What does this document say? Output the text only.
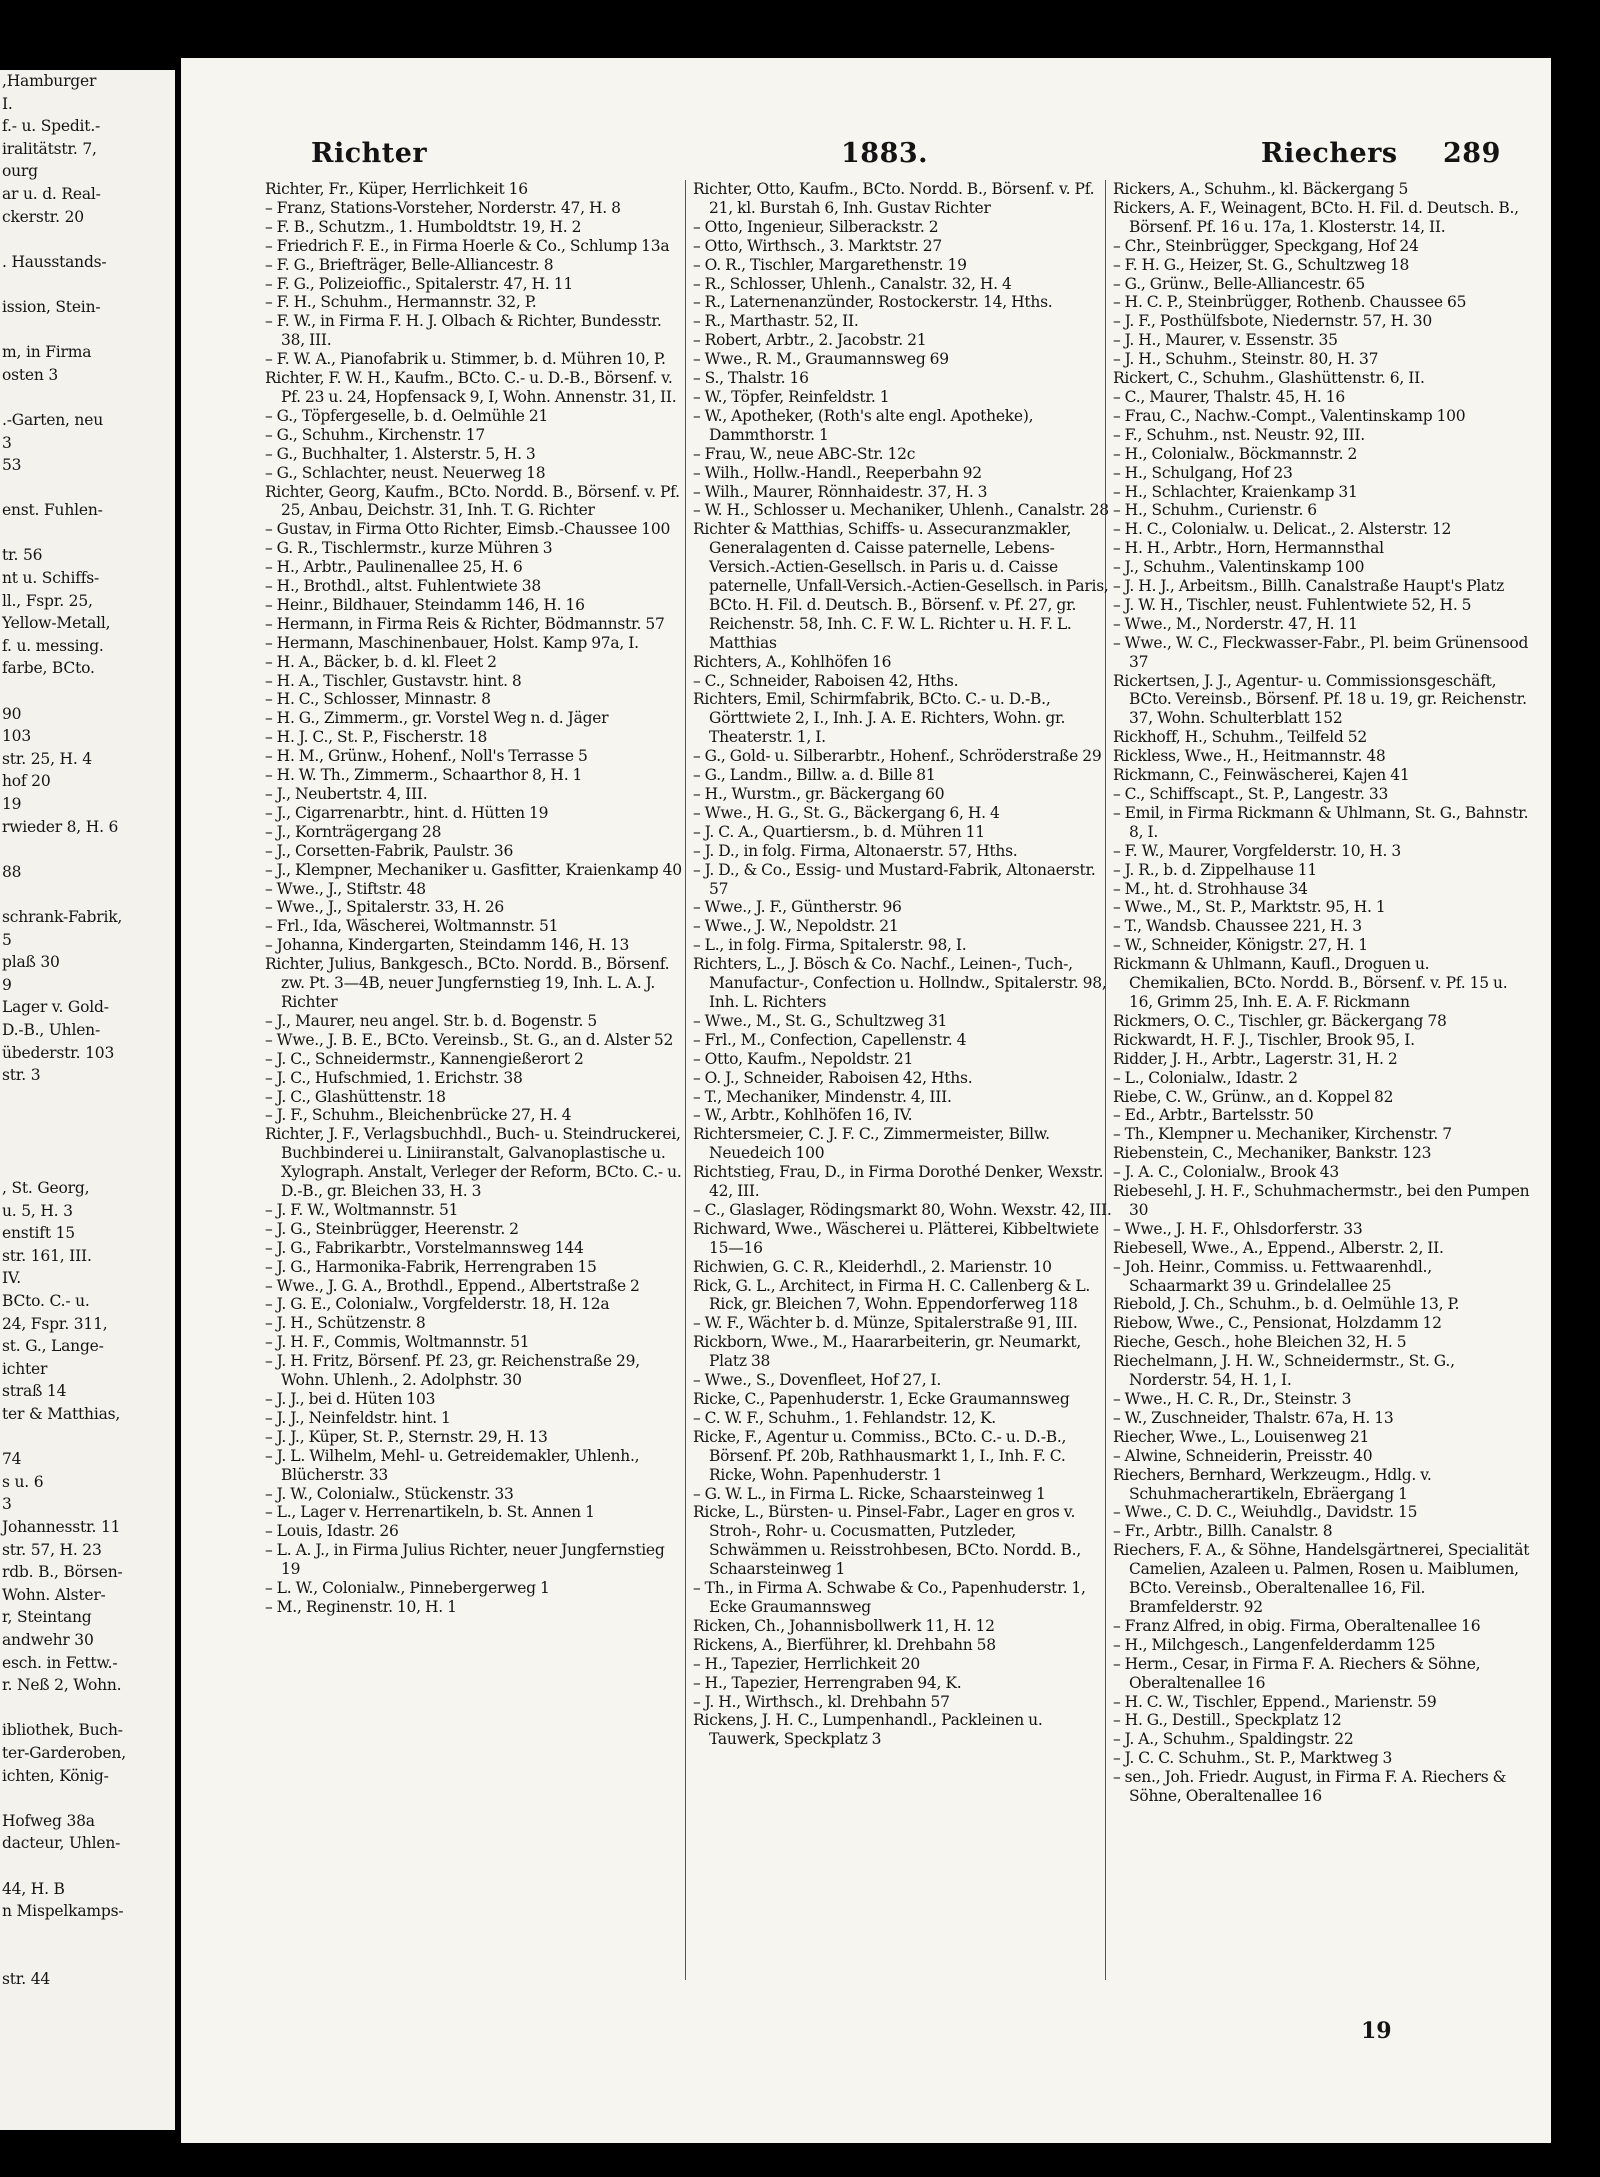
,Hamburger
I.
f.- u. Spedit.-
iralitätstr. 7,
ourg
ar u. d. Real-
ckerstr. 20

. Hausstands-

ission, Stein-

m, in Firma
osten 3

.-Garten, neu
3
53

enst. Fuhlen-

tr. 56
nt u. Schiffs-
ll., Fspr. 25,
Yellow-Metall,
f. u. messing.
farbe, BCto.

90
103
str. 25, H. 4
hof 20
19
rwieder 8, H. 6

88

schrank-Fabrik,
5
plaß 30
9
Lager v. Gold-
D.-B., Uhlen-
übederstr. 103
str. 3

, St. Georg,
u. 5, H. 3
enstift 15
str. 161, III.
IV.
BCto. C.- u.
24, Fspr. 311,
st. G., Lange-
ichter
straß 14
ter & Matthias,

74
s u. 6
3
Johannesstr. 11
str. 57, H. 23
rdb. B., Börsen-
Wohn. Alster-
r, Steintang
andwehr 30
esch. in Fettw.-
r. Neß 2, Wohn.

ibliothek, Buch-
ter-Garderoben,
ichten, König-

Hofweg 38a
dacteur, Uhlen-

44, H. B
n Mispelkamps-

str. 44
Richter	1883.	Riechers 289
Richter, Fr., Küper, Herrlichkeit 16
– Franz, Stations-Vorsteher, Norderstr. 47, H. 8
– F. B., Schutzm., 1. Humboldtstr. 19, H. 2
– Friedrich F. E., in Firma Hoerle & Co., Schlump 13a
– F. G., Briefträger, Belle-Alliancestr. 8
– F. G., Polizeioffic., Spitalerstr. 47, H. 11
– F. H., Schuhm., Hermannstr. 32, P.
– F. W., in Firma F. H. J. Olbach & Richter, Bundesstr. 38, III.
– F. W. A., Pianofabrik u. Stimmer, b. d. Mühren 10, P.
Richter, F. W. H., Kaufm., BCto. C.- u. D.-B., Börsenf. v. Pf. 23 u. 24, Hopfensack 9, I, Wohn. Annenstr. 31, II.
– G., Töpfergeselle, b. d. Oelmühle 21
– G., Schuhm., Kirchenstr. 17
– G., Buchhalter, 1. Alsterstr. 5, H. 3
– G., Schlachter, neust. Neuerweg 18
Richter, Georg, Kaufm., BCto. Nordd. B., Börsenf. v. Pf. 25, Anbau, Deichstr. 31, Inh. T. G. Richter
– Gustav, in Firma Otto Richter, Eimsb.-Chaussee 100
– G. R., Tischlermstr., kurze Mühren 3
– H., Arbtr., Paulinenallee 25, H. 6
– H., Brothdl., altst. Fuhlentwiete 38
– Heinr., Bildhauer, Steindamm 146, H. 16
– Hermann, in Firma Reis & Richter, Bödmannstr. 57
– Hermann, Maschinenbauer, Holst. Kamp 97a, I.
– H. A., Bäcker, b. d. kl. Fleet 2
– H. A., Tischler, Gustavstr. hint. 8
– H. C., Schlosser, Minnastr. 8
– H. G., Zimmerm., gr. Vorstel Weg n. d. Jäger
– H. J. C., St. P., Fischerstr. 18
– H. M., Grünw., Hohenf., Noll's Terrasse 5
– H. W. Th., Zimmerm., Schaarthor 8, H. 1
– J., Neubertstr. 4, III.
– J., Cigarrenarbtr., hint. d. Hütten 19
– J., Kornträgergang 28
– J., Corsetten-Fabrik, Paulstr. 36
– J., Klempner, Mechaniker u. Gasfitter, Kraienkamp 40
– Wwe., J., Stiftstr. 48
– Wwe., J., Spitalerstr. 33, H. 26
– Frl., Ida, Wäscherei, Woltmannstr. 51
– Johanna, Kindergarten, Steindamm 146, H. 13
Richter, Julius, Bankgesch., BCto. Nordd. B., Börsenf. zw. Pt. 3—4B, neuer Jungfernstieg 19, Inh. L. A. J. Richter
– J., Maurer, neu angel. Str. b. d. Bogenstr. 5
– Wwe., J. B. E., BCto. Vereinsb., St. G., an d. Alster 52
– J. C., Schneidermstr., Kannengießerort 2
– J. C., Hufschmied, 1. Erichstr. 38
– J. C., Glashüttenstr. 18
– J. F., Schuhm., Bleichenbrücke 27, H. 4
Richter, J. F., Verlagsbuchhdl., Buch- u. Steindruckerei, Buchbinderei u. Liniiranstalt, Galvanoplastische u. Xylograph. Anstalt, Verleger der Reform, BCto. C.- u. D.-B., gr. Bleichen 33, H. 3
– J. F. W., Woltmannstr. 51
– J. G., Steinbrügger, Heerenstr. 2
– J. G., Fabrikarbtr., Vorstelmannsweg 144
– J. G., Harmonika-Fabrik, Herrengraben 15
– Wwe., J. G. A., Brothdl., Eppend., Albertstraße 2
– J. G. E., Colonialw., Vorgfelderstr. 18, H. 12a
– J. H., Schützenstr. 8
– J. H. F., Commis, Woltmannstr. 51
– J. H. Fritz, Börsenf. Pf. 23, gr. Reichenstraße 29, Wohn. Uhlenh., 2. Adolphstr. 30
– J. J., bei d. Hüten 103
– J. J., Neinfeldstr. hint. 1
– J. J., Küper, St. P., Sternstr. 29, H. 13
– J. L. Wilhelm, Mehl- u. Getreidemakler, Uhlenh., Blücherstr. 33
– J. W., Colonialw., Stückenstr. 33
– L., Lager v. Herrenartikeln, b. St. Annen 1
– Louis, Idastr. 26
– L. A. J., in Firma Julius Richter, neuer Jungfernstieg 19
– L. W., Colonialw., Pinnebergerweg 1
– M., Reginenstr. 10, H. 1
Richter, Otto, Kaufm., BCto. Nordd. B., Börsenf. v. Pf. 21, kl. Burstah 6, Inh. Gustav Richter
– Otto, Ingenieur, Silberackstr. 2
– Otto, Wirthsch., 3. Marktstr. 27
– O. R., Tischler, Margarethenstr. 19
– R., Schlosser, Uhlenh., Canalstr. 32, H. 4
– R., Laternenanzünder, Rostockerstr. 14, Hths.
– R., Marthastr. 52, II.
– Robert, Arbtr., 2. Jacobstr. 21
– Wwe., R. M., Graumannsweg 69
– S., Thalstr. 16
– W., Töpfer, Reinfeldstr. 1
– W., Apotheker, (Roth's alte engl. Apotheke), Dammthorstr. 1
– Frau, W., neue ABC-Str. 12c
– Wilh., Hollw.-Handl., Reeperbahn 92
– Wilh., Maurer, Rönnhaidestr. 37, H. 3
– W. H., Schlosser u. Mechaniker, Uhlenh., Canalstr. 28
Richter & Matthias, Schiffs- u. Assecuranzmakler, Generalagenten d. Caisse paternelle, Lebens-Versich.-Actien-Gesellsch. in Paris u. d. Caisse paternelle, Unfall-Versich.-Actien-Gesellsch. in Paris, BCto. H. Fil. d. Deutsch. B., Börsenf. v. Pf. 27, gr. Reichenstr. 58, Inh. C. F. W. L. Richter u. H. F. L. Matthias
Richters, A., Kohlhöfen 16
– C., Schneider, Raboisen 42, Hths.
Richters, Emil, Schirmfabrik, BCto. C.- u. D.-B., Görttwiete 2, I., Inh. J. A. E. Richters, Wohn. gr. Theaterstr. 1, I.
– G., Gold- u. Silberarbtr., Hohenf., Schröderstraße 29
– G., Landm., Billw. a. d. Bille 81
– H., Wurstm., gr. Bäckergang 60
– Wwe., H. G., St. G., Bäckergang 6, H. 4
– J. C. A., Quartiersm., b. d. Mühren 11
– J. D., in folg. Firma, Altonaerstr. 57, Hths.
– J. D., & Co., Essig- und Mustard-Fabrik, Altonaerstr. 57
– Wwe., J. F., Güntherstr. 96
– Wwe., J. W., Nepoldstr. 21
– L., in folg. Firma, Spitalerstr. 98, I.
Richters, L., J. Bösch & Co. Nachf., Leinen-, Tuch-, Manufactur-, Confection u. Hollndw., Spitalerstr. 98, Inh. L. Richters
– Wwe., M., St. G., Schultzweg 31
– Frl., M., Confection, Capellenstr. 4
– Otto, Kaufm., Nepoldstr. 21
– O. J., Schneider, Raboisen 42, Hths.
– T., Mechaniker, Mindenstr. 4, III.
– W., Arbtr., Kohlhöfen 16, IV.
Richtersmeier, C. J. F. C., Zimmermeister, Billw. Neuedeich 100
Richtstieg, Frau, D., in Firma Dorothé Denker, Wexstr. 42, III.
– C., Glaslager, Rödingsmarkt 80, Wohn. Wexstr. 42, III.
Richward, Wwe., Wäscherei u. Plätterei, Kibbeltwiete 15—16
Richwien, G. C. R., Kleiderhdl., 2. Marienstr. 10
Rick, G. L., Architect, in Firma H. C. Callenberg & L. Rick, gr. Bleichen 7, Wohn. Eppendorferweg 118
– W. F., Wächter b. d. Münze, Spitalerstraße 91, III.
Rickborn, Wwe., M., Haararbeiterin, gr. Neumarkt, Platz 38
– Wwe., S., Dovenfleet, Hof 27, I.
Ricke, C., Papenhuderstr. 1, Ecke Graumannsweg
– C. W. F., Schuhm., 1. Fehlandstr. 12, K.
Ricke, F., Agentur u. Commiss., BCto. C.- u. D.-B., Börsenf. Pf. 20b, Rathhausmarkt 1, I., Inh. F. C. Ricke, Wohn. Papenhuderstr. 1
– G. W. L., in Firma L. Ricke, Schaarsteinweg 1
Ricke, L., Bürsten- u. Pinsel-Fabr., Lager en gros v. Stroh-, Rohr- u. Cocusmatten, Putzleder, Schwämmen u. Reisstrohbesen, BCto. Nordd. B., Schaarsteinweg 1
– Th., in Firma A. Schwabe & Co., Papenhuderstr. 1, Ecke Graumannsweg
Ricken, Ch., Johannisbollwerk 11, H. 12
Rickens, A., Bierführer, kl. Drehbahn 58
– H., Tapezier, Herrlichkeit 20
– H., Tapezier, Herrengraben 94, K.
– J. H., Wirthsch., kl. Drehbahn 57
Rickens, J. H. C., Lumpenhandl., Packleinen u. Tauwerk, Speckplatz 3
Rickers, A., Schuhm., kl. Bäckergang 5
Rickers, A. F., Weinagent, BCto. H. Fil. d. Deutsch. B., Börsenf. Pf. 16 u. 17a, 1. Klosterstr. 14, II.
– Chr., Steinbrügger, Speckgang, Hof 24
– F. H. G., Heizer, St. G., Schultzweg 18
– G., Grünw., Belle-Alliancestr. 65
– H. C. P., Steinbrügger, Rothenb. Chaussee 65
– J. F., Posthülfsbote, Niedernstr. 57, H. 30
– J. H., Maurer, v. Essenstr. 35
– J. H., Schuhm., Steinstr. 80, H. 37
Rickert, C., Schuhm., Glashüttenstr. 6, II.
– C., Maurer, Thalstr. 45, H. 16
– Frau, C., Nachw.-Compt., Valentinskamp 100
– F., Schuhm., nst. Neustr. 92, III.
– H., Colonialw., Böckmannstr. 2
– H., Schulgang, Hof 23
– H., Schlachter, Kraienkamp 31
– H., Schuhm., Curienstr. 6
– H. C., Colonialw. u. Delicat., 2. Alsterstr. 12
– H. H., Arbtr., Horn, Hermannsthal
– J., Schuhm., Valentinskamp 100
– J. H. J., Arbeitsm., Billh. Canalstraße Haupt's Platz
– J. W. H., Tischler, neust. Fuhlentwiete 52, H. 5
– Wwe., M., Norderstr. 47, H. 11
– Wwe., W. C., Fleckwasser-Fabr., Pl. beim Grünensood 37
Rickertsen, J. J., Agentur- u. Commissionsgeschäft, BCto. Vereinsb., Börsenf. Pf. 18 u. 19, gr. Reichenstr. 37, Wohn. Schulterblatt 152
Rickhoff, H., Schuhm., Teilfeld 52
Rickless, Wwe., H., Heitmannstr. 48
Rickmann, C., Feinwäscherei, Kajen 41
– C., Schiffscapt., St. P., Langestr. 33
– Emil, in Firma Rickmann & Uhlmann, St. G., Bahnstr. 8, I.
– F. W., Maurer, Vorgfelderstr. 10, H. 3
– J. R., b. d. Zippelhause 11
– M., ht. d. Strohhause 34
– Wwe., M., St. P., Marktstr. 95, H. 1
– T., Wandsb. Chaussee 221, H. 3
– W., Schneider, Königstr. 27, H. 1
Rickmann & Uhlmann, Kaufl., Droguen u. Chemikalien, BCto. Nordd. B., Börsenf. v. Pf. 15 u. 16, Grimm 25, Inh. E. A. F. Rickmann
Rickmers, O. C., Tischler, gr. Bäckergang 78
Rickwardt, H. F. J., Tischler, Brook 95, I.
Ridder, J. H., Arbtr., Lagerstr. 31, H. 2
– L., Colonialw., Idastr. 2
Riebe, C. W., Grünw., an d. Koppel 82
– Ed., Arbtr., Bartelsstr. 50
– Th., Klempner u. Mechaniker, Kirchenstr. 7
Riebenstein, C., Mechaniker, Bankstr. 123
– J. A. C., Colonialw., Brook 43
Riebesehl, J. H. F., Schuhmachermstr., bei den Pumpen 30
– Wwe., J. H. F., Ohlsdorferstr. 33
Riebesell, Wwe., A., Eppend., Alberstr. 2, II.
– Joh. Heinr., Commiss. u. Fettwaarenhdl., Schaarmarkt 39 u. Grindelallee 25
Riebold, J. Ch., Schuhm., b. d. Oelmühle 13, P.
Riebow, Wwe., C., Pensionat, Holzdamm 12
Rieche, Gesch., hohe Bleichen 32, H. 5
Riechelmann, J. H. W., Schneidermstr., St. G., Norderstr. 54, H. 1, I.
– Wwe., H. C. R., Dr., Steinstr. 3
– W., Zuschneider, Thalstr. 67a, H. 13
Riecher, Wwe., L., Louisenweg 21
– Alwine, Schneiderin, Preisstr. 40
Riechers, Bernhard, Werkzeugm., Hdlg. v. Schuhmacherartikeln, Ebräergang 1
– Wwe., C. D. C., Weiuhdlg., Davidstr. 15
– Fr., Arbtr., Billh. Canalstr. 8
Riechers, F. A., & Söhne, Handelsgärtnerei, Specialität Camelien, Azaleen u. Palmen, Rosen u. Maiblumen, BCto. Vereinsb., Oberaltenallee 16, Fil. Bramfelderstr. 92
– Franz Alfred, in obig. Firma, Oberaltenallee 16
– H., Milchgesch., Langenfelderdamm 125
– Herm., Cesar, in Firma F. A. Riechers & Söhne, Oberaltenallee 16
– H. C. W., Tischler, Eppend., Marienstr. 59
– H. G., Destill., Speckplatz 12
– J. A., Schuhm., Spaldingstr. 22
– J. C. C. Schuhm., St. P., Marktweg 3
– sen., Joh. Friedr. August, in Firma F. A. Riechers & Söhne, Oberaltenallee 16
19
